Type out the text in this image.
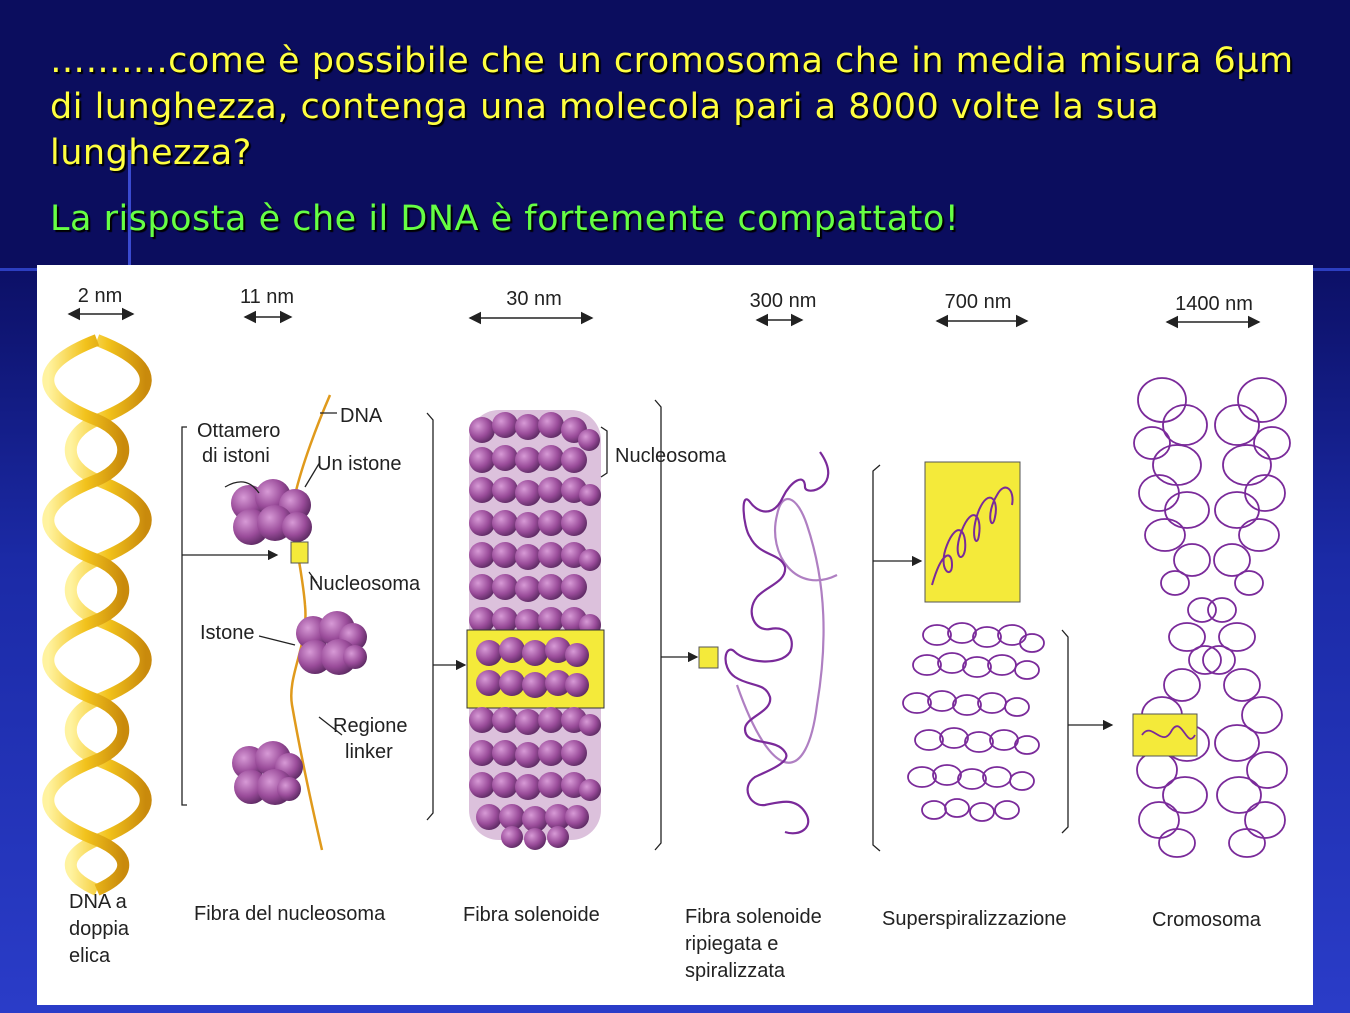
……….come è possibile che un cromosoma che in media misura 6µm di lunghezza, contenga una molecola pari a 8000 volte la sua lunghezza?
La risposta è che il DNA è fortemente compattato!
2 nm	11 nm	30 nm	300 nm	700 nm	1400 nm
DNA a
doppia
elica
Ottamero
di istoni
DNA
Un istone
Nucleosoma
Istone
Regione
linker
Fibra del nucleosoma
Nucleosoma
Fibra solenoide	Fibra solenoide
ripiegata e
spiralizzata
Superspiralizzazione	Cromosoma
